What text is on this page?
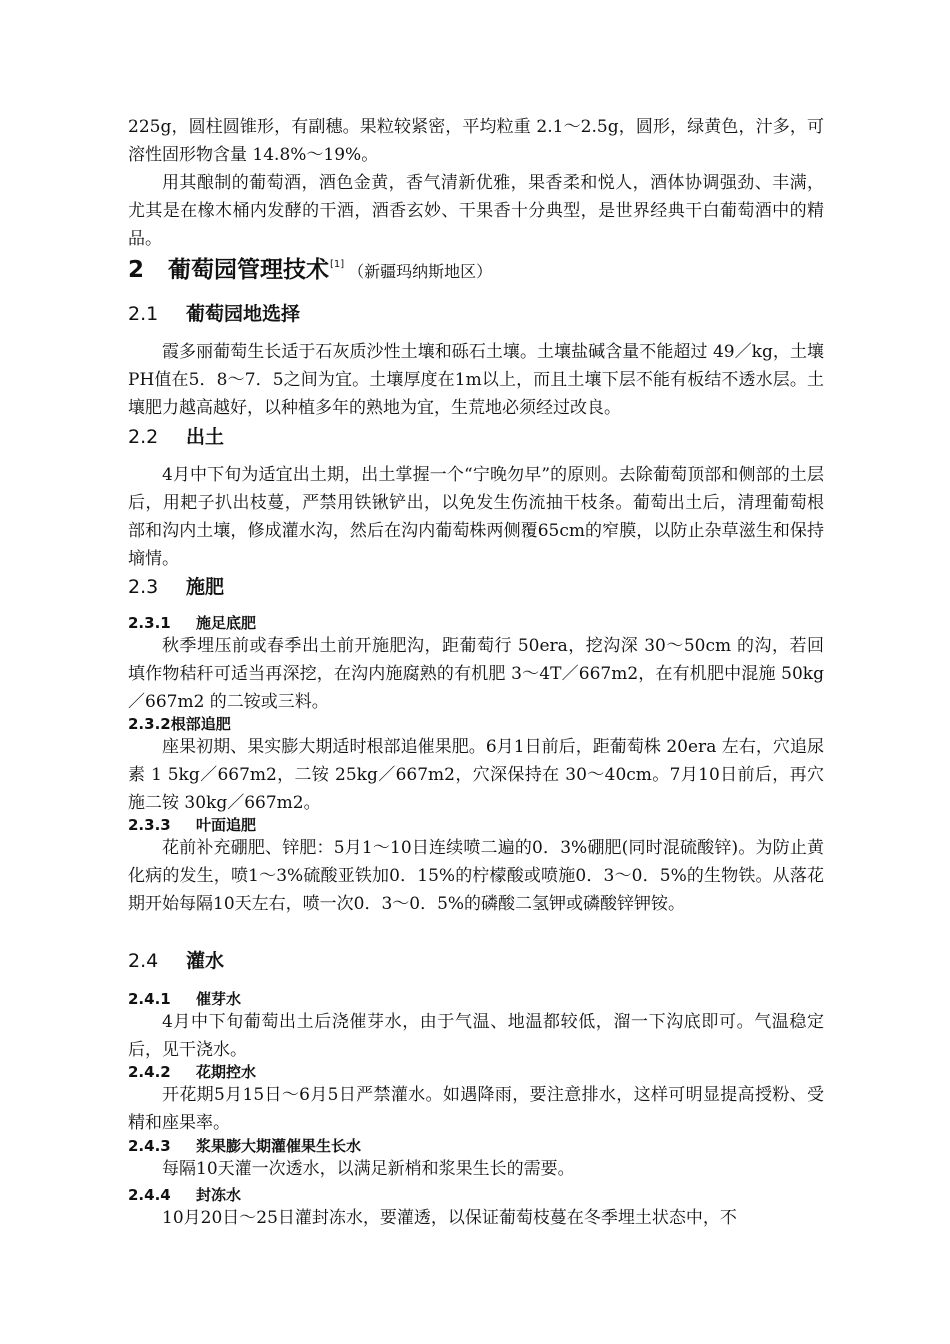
225g，圆柱圆锥形，有副穗。果粒较紧密，平均粒重 2.1～2.5g，圆形，绿黄色，汁多，可溶性固形物含量 14.8%～19%。

用其酿制的葡萄酒，酒色金黄，香气清新优雅，果香柔和悦人，酒体协调强劲、丰满，尤其是在橡木桶内发酵的干酒，酒香玄妙、干果香十分典型，是世界经典干白葡萄酒中的精品。

2 葡萄园管理技术[1] （新疆玛纳斯地区）
2.1 葡萄园地选择

霞多丽葡萄生长适于石灰质沙性土壤和砾石土壤。土壤盐碱含量不能超过 49／kg，土壤PH值在5．8～7．5之间为宜。土壤厚度在1m以上，而且土壤下层不能有板结不透水层。土壤肥力越高越好，以种植多年的熟地为宜，生荒地必须经过改良。

2.2 出土

4月中下旬为适宜出土期，出土掌握一个“宁晚勿早”的原则。去除葡萄顶部和侧部的土层后，用耙子扒出枝蔓，严禁用铁锹铲出，以免发生伤流抽干枝条。葡萄出土后，清理葡萄根部和沟内土壤，修成灌水沟，然后在沟内葡萄株两侧覆65cm的窄膜，以防止杂草滋生和保持墒情。

2.3 施肥
2.3.1 施足底肥

秋季埋压前或春季出土前开施肥沟，距葡萄行 50era，挖沟深 30～50cm 的沟，若回填作物秸秆可适当再深挖，在沟内施腐熟的有机肥 3～4T／667m2，在有机肥中混施 50kg／667m2 的二铵或三料。

2.3.2根部追肥

座果初期、果实膨大期适时根部追催果肥。6月1日前后，距葡萄株 20era 左右，穴追尿素 1 5kg／667m2，二铵 25kg／667m2，穴深保持在 30～40cm。7月10日前后，再穴施二铵 30kg／667m2。

2.3.3 叶面追肥

花前补充硼肥、锌肥：5月1～10日连续喷二遍的0．3%硼肥(同时混硫酸锌)。为防止黄化病的发生，喷1～3%硫酸亚铁加0．15%的柠檬酸或喷施0．3～0．5%的生物铁。从落花期开始每隔10天左右，喷一次0．3～0．5%的磷酸二氢钾或磷酸锌钾铵。

2.4 灌水
2.4.1 催芽水

4月中下旬葡萄出土后浇催芽水，由于气温、地温都较低，溜一下沟底即可。气温稳定后，见干浇水。

2.4.2 花期控水

开花期5月15日～6月5日严禁灌水。如遇降雨，要注意排水，这样可明显提高授粉、受精和座果率。

2.4.3 浆果膨大期灌催果生长水

每隔10天灌一次透水，以满足新梢和浆果生长的需要。

2.4.4 封冻水

10月20日～25日灌封冻水，要灌透，以保证葡萄枝蔓在冬季埋土状态中，不
